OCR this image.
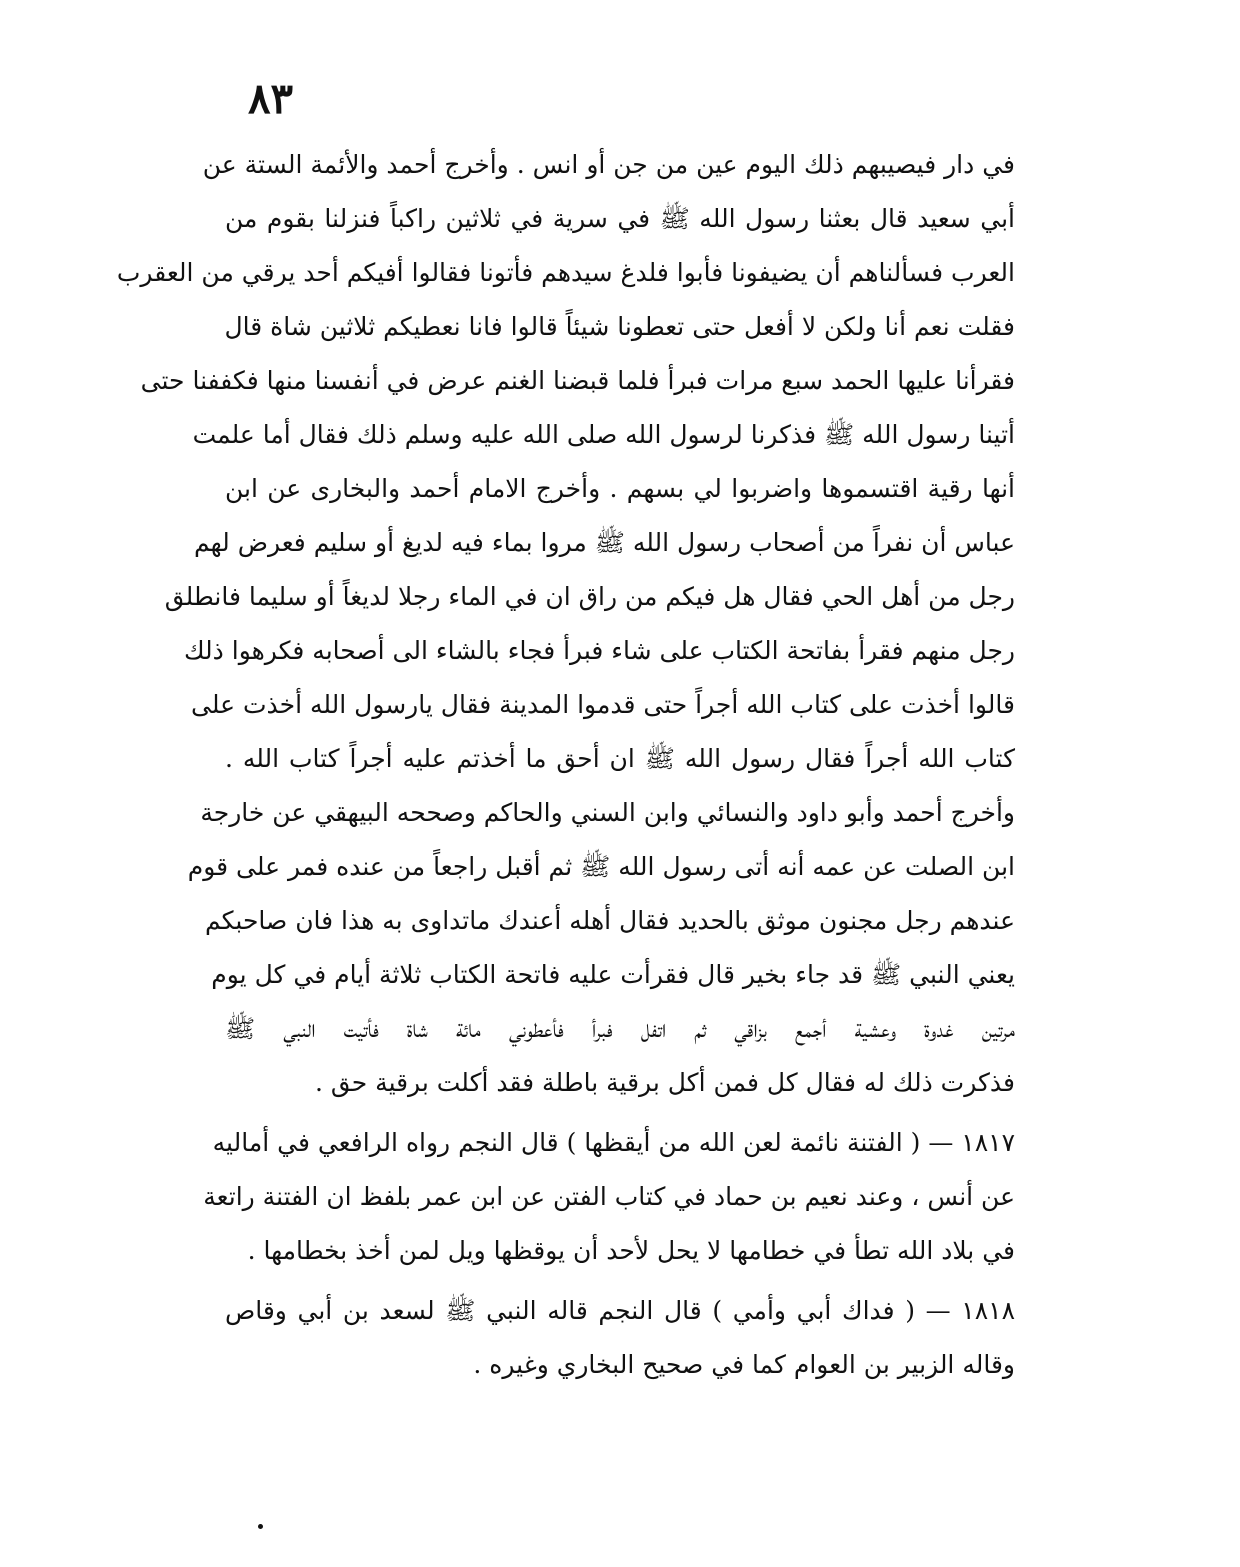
٨٣
في دار فيصيبهم ذلك اليوم عين من جن أو انس . وأخرج أحمد والأئمة الستة عن
أبي سعيد قال بعثنا رسول الله ﷺ في سرية في ثلاثين راكباً فنزلنا بقوم من
العرب فسألناهم أن يضيفونا فأبوا فلدغ سيدهم فأتونا فقالوا أفيكم أحد يرقي من العقرب
فقلت نعم أنا ولكن لا أفعل حتى تعطونا شيئاً قالوا فانا نعطيكم ثلاثين شاة قال
فقرأنا عليها الحمد سبع مرات فبرأ فلما قبضنا الغنم عرض في أنفسنا منها فكففنا حتى
أتينا رسول الله ﷺ فذكرنا لرسول الله صلى الله عليه وسلم ذلك فقال أما علمت
أنها رقية اقتسموها واضربوا لي بسهم . وأخرج الامام أحمد والبخارى عن ابن
عباس أن نفراً من أصحاب رسول الله ﷺ مروا بماء فيه لديغ أو سليم فعرض لهم
رجل من أهل الحي فقال هل فيكم من راق ان في الماء رجلا لديغاً أو سليما فانطلق
رجل منهم فقرأ بفاتحة الكتاب على شاء فبرأ فجاء بالشاء الى أصحابه فكرهوا ذلك
قالوا أخذت على كتاب الله أجراً حتى قدموا المدينة فقال يارسول الله أخذت على
كتاب الله أجراً فقال رسول الله ﷺ ان أحق ما أخذتم عليه أجراً كتاب الله .
وأخرج أحمد وأبو داود والنسائي وابن السني والحاكم وصححه البيهقي عن خارجة
ابن الصلت عن عمه أنه أتى رسول الله ﷺ ثم أقبل راجعاً من عنده فمر على قوم
عندهم رجل مجنون موثق بالحديد فقال أهله أعندك ماتداوى به هذا فان صاحبكم
يعني النبي ﷺ قد جاء بخير قال فقرأت عليه فاتحة الكتاب ثلاثة أيام في كل يوم
مرتين غدوة وعشية أجمع بزاقي ثم اتفل فبرأ فأعطوني مائة شاة فأتيت النبي ﷺ
فذكرت ذلك له فقال كل فمن أكل برقية باطلة فقد أكلت برقية حق .
١٨١٧ — ( الفتنة نائمة لعن الله من أيقظها ) قال النجم رواه الرافعي في أماليه
عن أنس ، وعند نعيم بن حماد في كتاب الفتن عن ابن عمر بلفظ ان الفتنة راتعة
في بلاد الله تطأ في خطامها لا يحل لأحد أن يوقظها ويل لمن أخذ بخطامها .
١٨١٨ — ( فداك أبي وأمي ) قال النجم قاله النبي ﷺ لسعد بن أبي وقاص
وقاله الزبير بن العوام كما في صحيح البخاري وغيره .
